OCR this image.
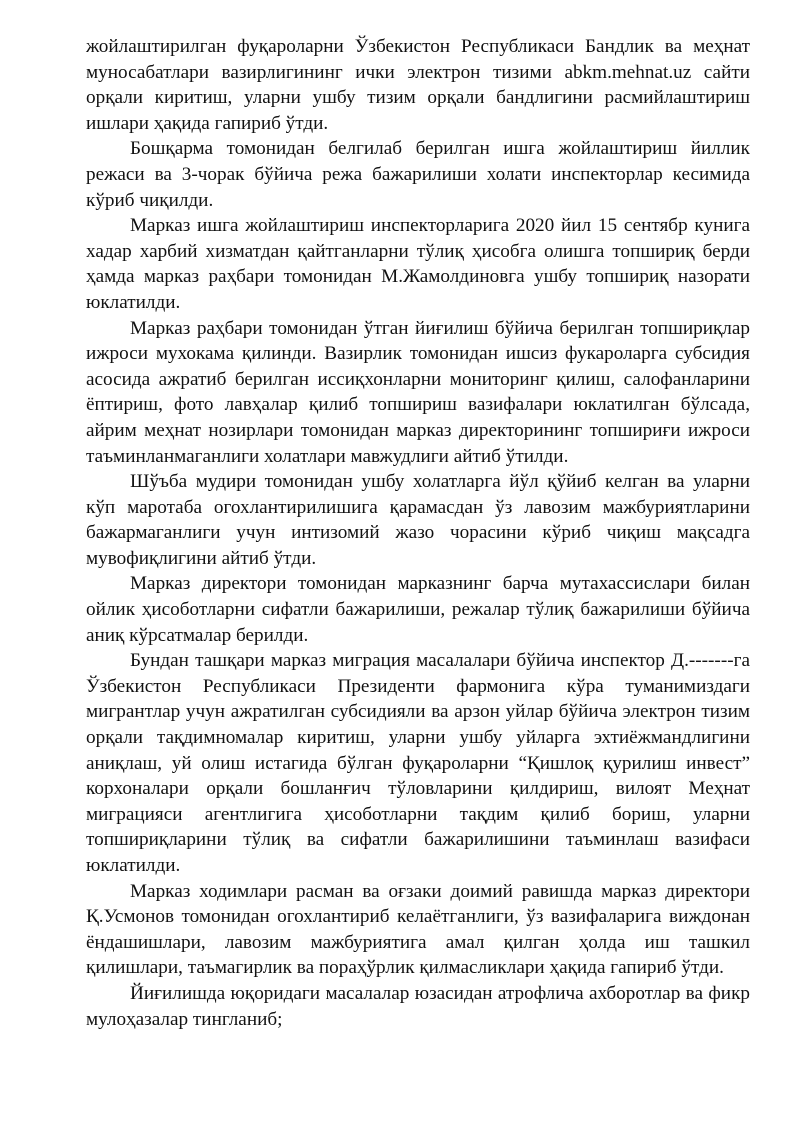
жойлаштирилган фуқароларни Ўзбекистон Республикаси Бандлик ва меҳнат муносабатлари вазирлигининг ички электрон тизими abkm.mehnat.uz сайти орқали киритиш, уларни ушбу тизим орқали бандлигини расмийлаштириш ишлари ҳақида гапириб ўтди.

Бошқарма томонидан белгилаб берилган ишга жойлаштириш йиллик режаси ва 3-чорак бўйича режа бажарилиши холати инспекторлар кесимида кўриб чиқилди.

Марказ ишга жойлаштириш инспекторларига 2020 йил 15 сентябр кунига хадар харбий хизматдан қайтганларни тўлиқ ҳисобга олишга топшириқ берди ҳамда марказ раҳбари томонидан М.Жамолдиновга ушбу топшириқ назорати юклатилди.

Марказ раҳбари томонидан ўтган йиғилиш бўйича берилган топшириқлар ижроси мухокама қилинди. Вазирлик томонидан ишсиз фукароларга субсидия асосида ажратиб берилган иссиқхонларни мониторинг қилиш, салофанларини ёптириш, фото лавҳалар қилиб топшириш вазифалари юклатилган бўлсада, айрим меҳнат нозирлари томонидан марказ директорининг топшириғи ижроси таъминланмаганлиги холатлари мавжудлиги айтиб ўтилди.

Шўъба мудири томонидан ушбу холатларга йўл қўйиб келган ва уларни кўп маротаба огохлантирилишига қарамасдан ўз лавозим мажбуриятларини бажармаганлиги учун интизомий жазо чорасини кўриб чиқиш мақсадга мувофиқлигини айтиб ўтди.

Марказ директори томонидан марказнинг барча мутахассислари билан ойлик ҳисоботларни сифатли бажарилиши, режалар тўлиқ бажарилиши бўйича аниқ кўрсатмалар берилди.

Бундан ташқари марказ миграция масалалари бўйича инспектор Д.-------га Ўзбекистон Республикаси Президенти фармонига кўра туманимиздаги мигрантлар учун ажратилган субсидияли ва арзон уйлар бўйича электрон тизим орқали тақдимномалар киритиш, уларни ушбу уйларга эхтиёжмандлигини аниқлаш, уй олиш истагида бўлган фуқароларни “Қишлоқ қурилиш инвест” корхоналари орқали бошланғич тўловларини қилдириш, вилоят Меҳнат миграцияси агентлигига ҳисоботларни тақдим қилиб бориш, уларни топшириқларини тўлиқ ва сифатли бажарилишини таъминлаш вазифаси юклатилди.

Марказ ходимлари расман ва оғзаки доимий равишда марказ директори Қ.Усмонов томонидан огохлантириб келаётганлиги, ўз вазифаларига виждонан ёндашишлари, лавозим мажбуриятига амал қилган ҳолда иш ташкил қилишлари, таъмагирлик ва пораҳўрлик қилмасликлари ҳақида гапириб ўтди.

Йиғилишда юқоридаги масалалар юзасидан атрофлича ахборотлар ва фикр мулоҳазалар тингланиб;
